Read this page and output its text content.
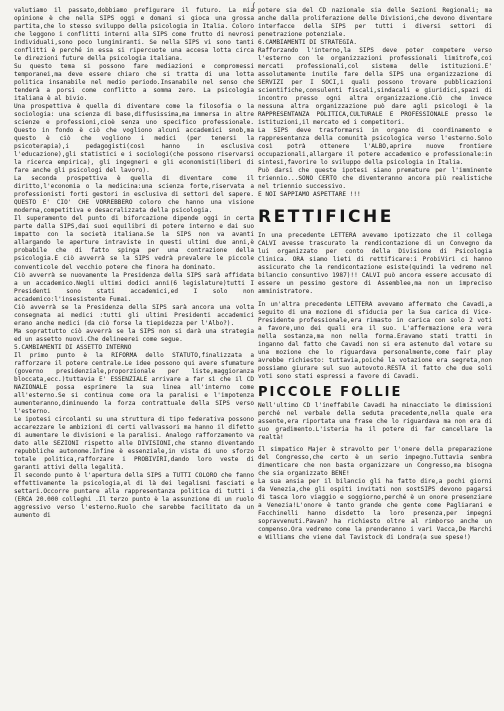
(

valutiamo il passato,dobbiamo prefigurare il futuro. La mia opinione è che nella SIPS oggi e domani si gioca una grossa partita,che lo stesso sviluppo della psicologia in Italia. Coloro che leggono i conflitti interni alla SIPS come frutto di nevrosi individuali,sono poco lungimiranti. Se nella SIPS vi sono tanti conflitti è perché in essa si ripercuote una accesa lotta circa le direzioni future della psicologia italiana.

Su questo tema si possono fare mediazioni e compromessi temporanei,ma deve essere chiaro che si tratta di una lotta politica insanabile nel medio periodo.Insanabile nel senso che tenderà a porsi come conflitto a somma zero. La psicologia italiana è al bivio.

Una prospettiva è quella di diventare come la filosofia o la sociologia: una scienza di base,diffusissima,ma immersa in altre scienze e professioni,cioè senza uno specifico professionale. Questo in fondo è ciò che vogliono alcuni accademici snob,ma questo è ciò che vogliono i medici (per tenersi la psicoterapia),i pedagogisti(così hanno in esclusiva l'educazione),gli statistici e i sociologi(che possono riservarsi la ricerca empirica), gli ingegneri e gli economisti(liberi di fare anche gli psicologi del lavoro).

La seconda prospettiva è quella di diventare come il diritto,l'economia o la medicina:una scienza forte,riservata a professionisti forti gestori in esclusiva di settori del sapere. QUESTO E' CIO' CHE VORREBBERO coloro che hanno una visione moderna,competitiva e desacralizzata della psicologia.

Il superamento del punto di biforcazione dipende oggi in certa parte dalla SIPS,dai suoi equilibri di potere interno e dai suo impatto con la società italiana.Se la SIPS non va avanti allargando le aperture intraviste in questi ultimi due anni,è probabile che di fatto spinga per una contrazione della psicologia.E ciò avverrà se la SIPS vedrà prevalere le piccole conventicole del vecchio potere che finora ha dominato.

Ciò avverrà se nuovamente la Presidenza della SIPS sarà affidata a un accademico.Negli ultimi dodici anni(6 legislature)tutti I Presidenti sono stati accademici,ed I solo non accademico:l'insesistente Fumai.

Ciò avverrà se la Presidenza della SIPS sarà ancora una volta consegnata ai medici :tutti gli ultimi Presidenti accademici erano anche medici (da ciò forse la tiepidezza per l'Albo?).

Ma soprattutto ciò avverrà se la SIPS non si darà una strategia ed un assetto nuovi.Che delineerei come segue.

5.CAMBIAMENTI DI ASSETTO INTERNO

Il primo punto è la RIFORMA dello STATUTO,finalizzata a rafforzare il potere centrale.Le idee possono qui avere sfumature (governo presidenziale,proporzionale per liste,maggioranza bloccata,ecc.)tuttavia E' ESSENZIALE arrivare a far sì che il CD NAZIONALE possa esprimere la sua linea all'interno come all'esterno.Se si continua come ora la paralisi e l'impotenza aumenteranno,diminuendo la forza contrattuale della SIPS verso l'esterno.

Le ipotesi circolanti su una struttura di tipo federativa possono accarezzare le ambizioni di certi vallvassori ma hanno il difetto di aumentare le divisioni e la paralisi. Analogo rafforzamento va dato alle SEZIONI rispetto alle DIVISIONI,che stanno diventando repubbliche autonome.Infine è essenziale,in vista di uno sforzo totale politica,rafforzare i PROBIVIRI,dando loro veste di garanti attivi della legalità.

Il secondo punto è l'apertura della SIPS a TUTTI COLORO che fanno effettivamente la psicologia,al di là dei legalismi fasciati e settari.Occorre puntare alla rappresentanza politica di tutti i (ERCA 20.000 colleghi .Il terzo punto è la assunzione di un ruolo aggressivo verso l'esterno.Ruolo che sarebbe facilitato da un aumento di

potere sia del CD nazionale sia delle Sezioni Regionali; ma anche dalla proliferazione delle Divisioni,che devono diventare interfacce della SIPS per tutti i diversi settori di penetrazione potenziale.

6.CAMBIAMENTI DI STRATEGIA.

Rafforzando l'interno,la SIPS deve poter competere verso l'esterno con le organizzazioni professionali limitrofe,coi mercati professionali,col sistema delle istituzioni.E' assolutamente inutile fare della SIPS una organizzazione di SERVIZI per I SOCI,i quali possono trovare pubblicazioni scientifiche,consulenti fiscali,sindacali e giuridici,spazi di incontro presso ogni altra organizzazione.Ciò che invece nessuna altra organizzazione può dare agli psicologi è la RAPPRESENTANZA POLITICA,CULTURALE E PROFESSIONALE presso le istituzioni,il mercato ed i competitori.

La SIPS deve trasformarsi in organo di coordinamento e rappresentanza della comunità psicologica verso l'esterno.Solo così potrà ottenere l'ALBO,aprire nuove frontiere occupazionali,allargare il potere accademico e professionale:in sintesi,favorire lo sviluppo della psicologia in Italia.

Può darsi che queste ipotesi siano premature per l'imminente triennio...SONO CERTO che diventeranno ancora più realistiche nel triennio successivo.

E NOI SAPPIAMO ASPETTARE !!!

RETTIFICHE

In una precedente LETTERA avevamo ipotizzato che il collega CALVI avesse trascurato la rendicontazione di un Convegno da lui organizzato per conto della Divisione di Psicologia Clinica. ORA siamo lieti di rettificare:i ProbiViri ci hanno assicurato che la rendicontazione esiste(quindi la vedremo nel bilancio consuntivo 1987)!! CALVI può ancora essere accusato di essere un pessimo gestore di Assemblee,ma non un impreciso amministratore.

In un'altra precedente LETTERA avevamo affermato che Cavadi,a seguito di una mozione di sfiducia per la Sua carica di Vice-Presidente professionale,era rimasto in carica con solo 2 voti a favore,uno dei quali era il suo. L'affermazione era vera nella sostanza,ma non nella forma.Eravamo stati tratti in inganno dal fatto che Cavadi non si era astenuto dal votare su una mozione che lo riguardava personalmente,come fair play avrebbe richiesto: tuttavia,poiché la votazione era segreta,non possiamo giurare sul suo autovoto.RESTA il fatto che due soli voti sono stati espressi a favore di Cavadi.

PICCOLE FOLLIE

Nell'ultimo CD l'ineffabile Cavadi ha minacciato le dimissioni perché nel verbale della seduta precedente,nella quale era assente,era riportata una frase che lo riguardava ma non era di suo gradimento.L'isteria ha il potere di far cancellare la realtà!

Il simpatico Majer è stravolto per l'onere della preparazione del Congresso,che certo è un serio impegno.Tuttavia sembra dimenticare che non basta organizzare un Congresso,ma bisogna che sia organizzato BENE!

La sua ansia per il bilancio gli ha fatto dire,a pochi giorni da Venezia,che gli ospiti invitati non sostSIPS devono pagarsi di tasca loro viaggio e soggiorno,perché è un onore presenziare a Venezia!L'onore è tanto grande che gente come Pagliarani e Facchinelli hanno disdetto la loro presenza,per impegni sopravvenuti.Pavan? ha richiesto oltre al rimborso anche un compenso.Ora vedremo come la prenderanno i vari Vacca,De Marchi e Williams che viene dal Tavistock di Londra(a sue spese!)
